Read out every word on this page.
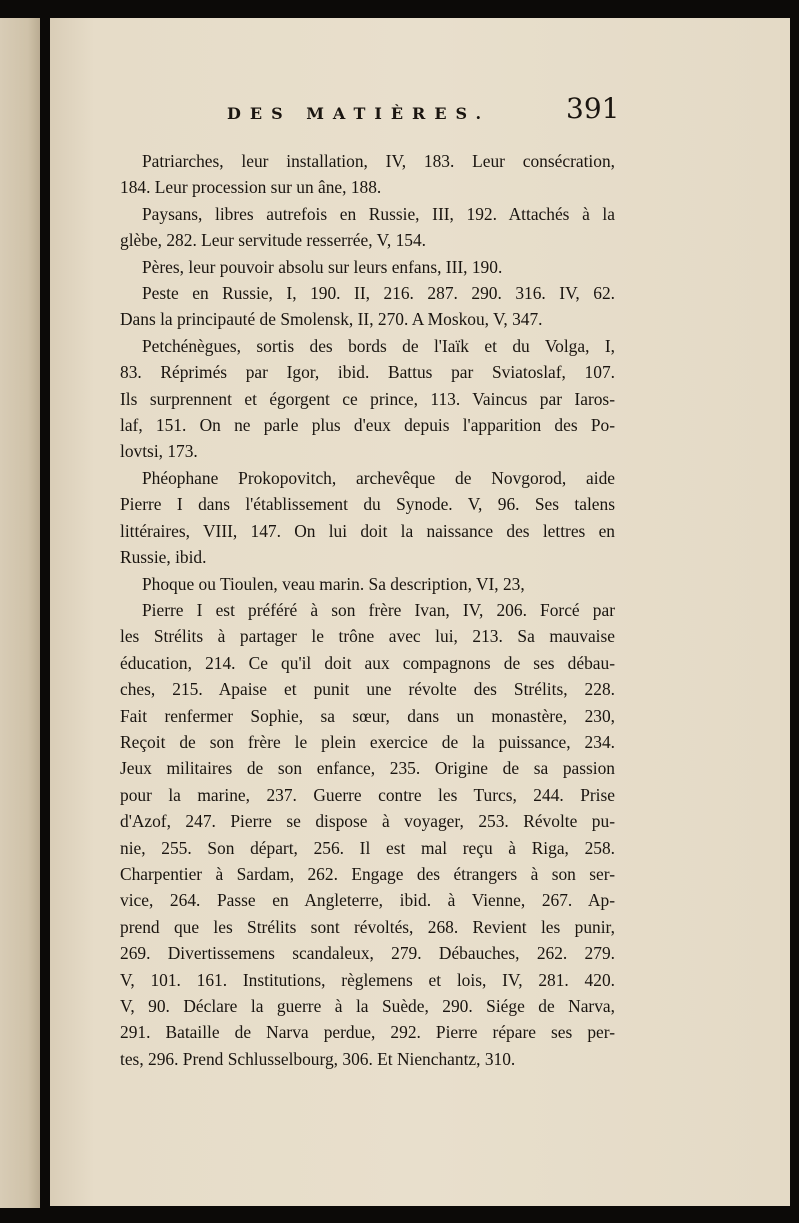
DES MATIÈRES.	391

Patriarches, leur installation, IV, 183. Leur consécration,
184. Leur procession sur un âne, 188.

Paysans, libres autrefois en Russie, III, 192. Attachés à la
glèbe, 282. Leur servitude resserrée, V, 154.

Pères, leur pouvoir absolu sur leurs enfans, III, 190.

Peste en Russie, I, 190. II, 216. 287. 290. 316. IV, 62.
Dans la principauté de Smolensk, II, 270. A Moskou, V, 347.

Petchénègues, sortis des bords de l'Iaïk et du Volga, I,
83. Réprimés par Igor, ibid. Battus par Sviatoslaf, 107.
Ils surprennent et égorgent ce prince, 113. Vaincus par Iaros-
laf, 151. On ne parle plus d'eux depuis l'apparition des Po-
lovtsi, 173.

Phéophane Prokopovitch, archevêque de Novgorod, aide
Pierre I dans l'établissement du Synode. V, 96. Ses talens
littéraires, VIII, 147. On lui doit la naissance des lettres en
Russie, ibid.

Phoque ou Tioulen, veau marin. Sa description, VI, 23,

Pierre I est préféré à son frère Ivan, IV, 206. Forcé par
les Strélits à partager le trône avec lui, 213. Sa mauvaise
éducation, 214. Ce qu'il doit aux compagnons de ses débau-
ches, 215. Apaise et punit une révolte des Strélits, 228.
Fait renfermer Sophie, sa sœur, dans un monastère, 230,
Reçoit de son frère le plein exercice de la puissance, 234.
Jeux militaires de son enfance, 235. Origine de sa passion
pour la marine, 237. Guerre contre les Turcs, 244. Prise
d'Azof, 247. Pierre se dispose à voyager, 253. Révolte pu-
nie, 255. Son départ, 256. Il est mal reçu à Riga, 258.
Charpentier à Sardam, 262. Engage des étrangers à son ser-
vice, 264. Passe en Angleterre, ibid. à Vienne, 267. Ap-
prend que les Strélits sont révoltés, 268. Revient les punir,
269. Divertissemens scandaleux, 279. Débauches, 262. 279.
V, 101. 161. Institutions, règlemens et lois, IV, 281. 420.
V, 90. Déclare la guerre à la Suède, 290. Siége de Narva,
291. Bataille de Narva perdue, 292. Pierre répare ses per-
tes, 296. Prend Schlusselbourg, 306. Et Nienchantz, 310.
